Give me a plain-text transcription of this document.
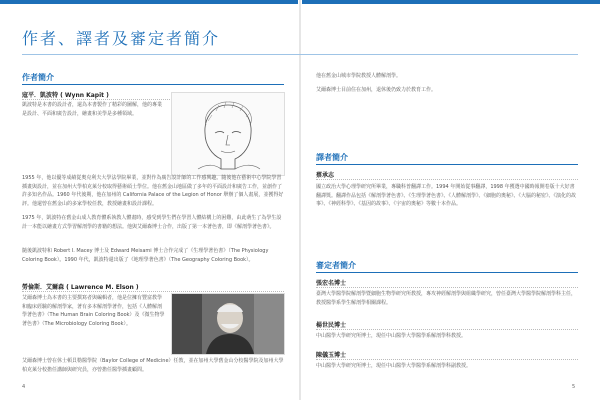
作者、譯者及審定者簡介
作者簡介
寇平．凱波特 ( Wynn Kapit )

凱波特是本書的設計者，還為本書製作了精彩的圖解，他的專業是設計、平面和廣告設計，繪畫和美學是多種領域。

1955 年，他以優等成績從奧克利夫大學法學院畢業，並對作為廣告設計師的工作感興趣。隨後他在藝術中心學院學習插畫與設計，並在加州大學柏克萊分校取得藝術碩士學位。他在舊金山地區做了多年的平面設計和廣告工作，並創作了許多知名作品。1960 年代後期，他在加州的 California Palace of the Legion of Honor 舉辦了個人畫展，並獲得好評。他還曾在舊金山的多家學校任教，教授繪畫和設計課程。

1975 年，凱波特在舊金山成人教育體系執教人體畫時，感受到學生們在學習人體結構上的困難，由此萌生了為學生設計一本能以繪畫方式學習解剖學的書籍的想法。他與艾爾森博士合作，出版了第一本著色書，即《解剖學著色書》。

隨後凱波特和 Robert I. Macey 博士及 Edward Meisami 博士合作完成了《生理學著色書》（The Physiology Coloring Book）。1990 年代，凱波特還出版了《地理學著色書》（The Geography Coloring Book）。

勞倫斯．艾爾森 ( Lawrence M. Elson )

艾爾森博士為本書的主要撰寫者與編輯者，他是位擁有豐富教學和臨床經驗的解剖學家，著有多本解剖學著作，包括《人體解剖學著色書》（The Human Brain Coloring Book）及《微生物學著色書》（The Microbiology Coloring Book）。

艾爾森博士曾在休士頓貝勒醫學院（Baylor College of Medicine）任教，並在加州大學舊金山分校醫學院及加州大學柏克萊分校擔任講師與研究員，亦曾擔任醫學插畫顧問。

4

他在舊金山城市學院教授人體解剖學。

艾爾森博士目前住在加州，退休後仍致力於教育工作。

譯者簡介
蔡承志

國立政治大學心理學研究所畢業，專職科普翻譯工作。1994 年開始從事翻譯，1998 年獲選中國時報開卷版十大好書翻譯獎。翻譯作品包括《解剖學著色書》、《生理學著色書》、《人體解剖學》、《細胞的奧秘》、《大腦的秘密》、《演化的故事》、《神經科學》、《基因的故事》、《宇宙的奧秘》等數十本作品。

審定者簡介
張宏名博士

臺灣大學醫學院解剖學暨細胞生物學研究所教授，專攻神經解剖學與組織學研究，曾任臺灣大學醫學院解剖學科主任，教授醫學系學生解剖學相關課程。

楊世民博士

中山醫學大學研究所博士，現任中山醫學大學醫學系解剖學科教授。

陳儀玉博士

中山醫學大學研究所博士，現任中山醫學大學醫學系解剖學科副教授。

5
